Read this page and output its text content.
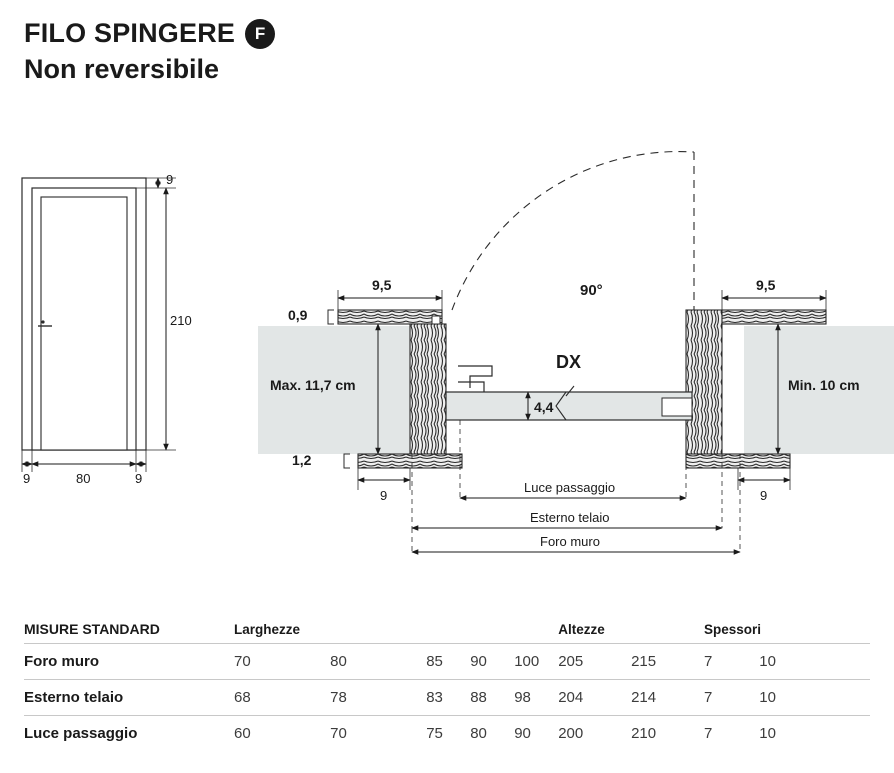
FILO SPINGERE	F
Non reversibile
9
210
9	80	9
90°
DX
9,5	9,5
0,9
1,2
Max. 11,7 cm	Min. 10 cm
4,4
9	9
Luce passaggio
Esterno telaio
Foro muro
MISURE STANDARD	Larghezze					Altezze		Spessori	
Foro muro	70	80	85	90	100	205	215	7	10
Esterno telaio	68	78	83	88	98	204	214	7	10
Luce passaggio	60	70	75	80	90	200	210	7	10
